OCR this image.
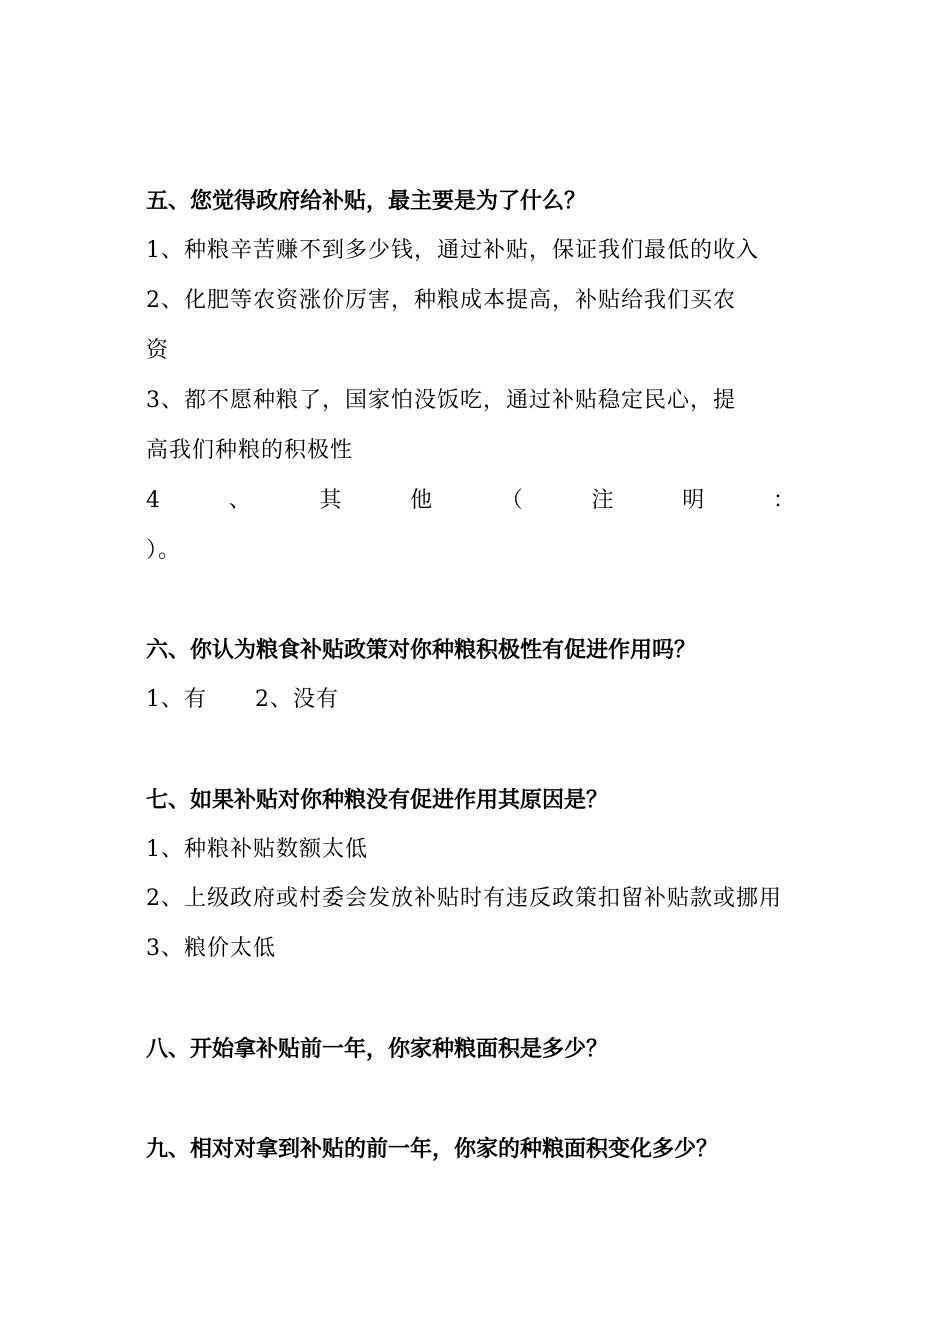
五、您觉得政府给补贴，最主要是为了什么？
1、种粮辛苦赚不到多少钱，通过补贴，保证我们最低的收入
2、化肥等农资涨价厉害，种粮成本提高，补贴给我们买农
资
3、都不愿种粮了，国家怕没饭吃，通过补贴稳定民心，提
高我们种粮的积极性
4	、	其	他	（	注	明	：
）。
六、你认为粮食补贴政策对你种粮积极性有促进作用吗？
1、有 2、没有
七、如果补贴对你种粮没有促进作用其原因是？
1、种粮补贴数额太低
2、上级政府或村委会发放补贴时有违反政策扣留补贴款或挪用
3、粮价太低
八、开始拿补贴前一年，你家种粮面积是多少？
九、相对对拿到补贴的前一年，你家的种粮面积变化多少？
